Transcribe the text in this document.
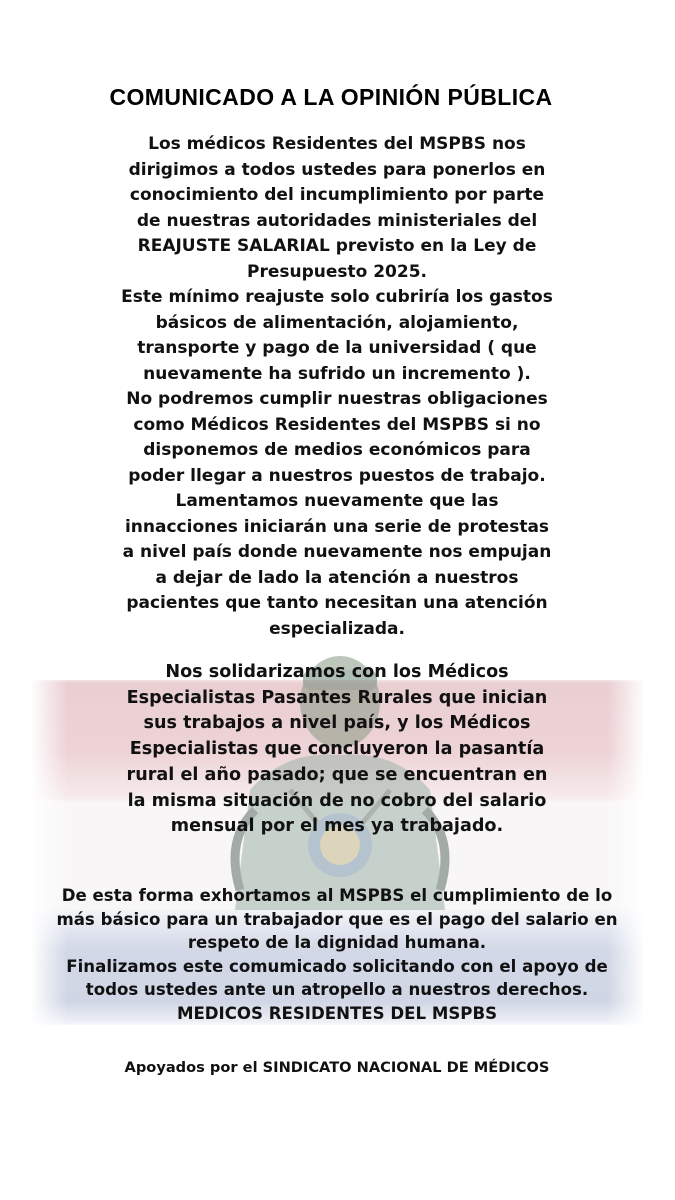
COMUNICADO A LA OPINIÓN PÚBLICA
Los médicos Residentes del MSPBS nos
dirigimos a todos ustedes para ponerlos en
conocimiento del incumplimiento por parte
de nuestras autoridades ministeriales del
REAJUSTE SALARIAL previsto en la Ley de
Presupuesto 2025.
Este mínimo reajuste solo cubriría los gastos
básicos de alimentación, alojamiento,
transporte y pago de la universidad ( que
nuevamente ha sufrido un incremento ).
No podremos cumplir nuestras obligaciones
como Médicos Residentes del MSPBS si no
disponemos de medios económicos para
poder llegar a nuestros puestos de trabajo.
Lamentamos nuevamente que las
innacciones iniciarán una serie de protestas
a nivel país donde nuevamente nos empujan
a dejar de lado la atención a nuestros
pacientes que tanto necesitan una atención
especializada.
Nos solidarizamos con los Médicos
Especialistas Pasantes Rurales que inician
sus trabajos a nivel país, y los Médicos
Especialistas que concluyeron la pasantía
rural el año pasado; que se encuentran en
la misma situación de no cobro del salario
mensual por el mes ya trabajado.
De esta forma exhortamos al MSPBS el cumplimiento de lo
más básico para un trabajador que es el pago del salario en
respeto de la dignidad humana.
Finalizamos este comumicado solicitando con el apoyo de
todos ustedes ante un atropello a nuestros derechos.
MEDICOS RESIDENTES DEL MSPBS
Apoyados por el SINDICATO NACIONAL DE MÉDICOS
